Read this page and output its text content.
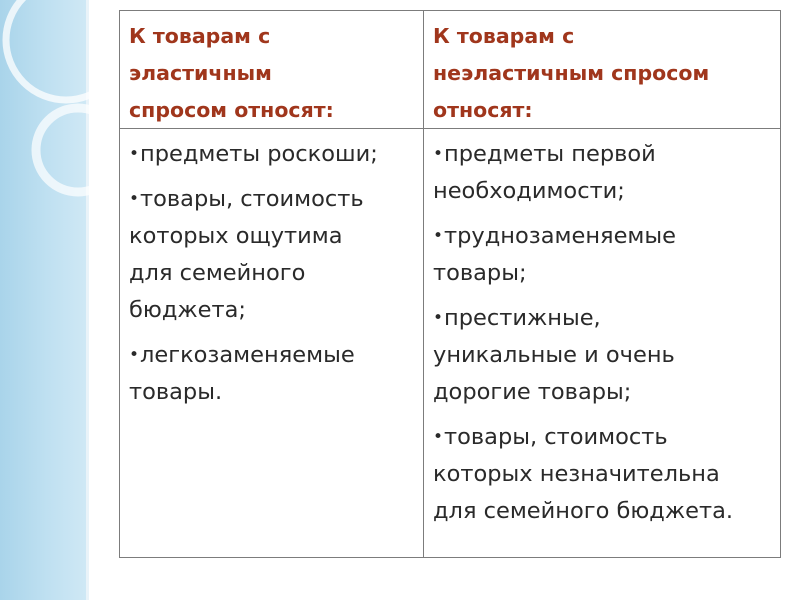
К товарам с
эластичным
спросом относят:
К товарам с
неэластичным спросом
относят:
•предметы роскоши;
•товары, стоимость
которых ощутима
для семейного
бюджета;
•легкозаменяемые
товары.
•предметы первой
необходимости;
•труднозаменяемые
товары;
•престижные,
уникальные и очень
дорогие товары;
•товары, стоимость
которых незначительна
для семейного бюджета.
